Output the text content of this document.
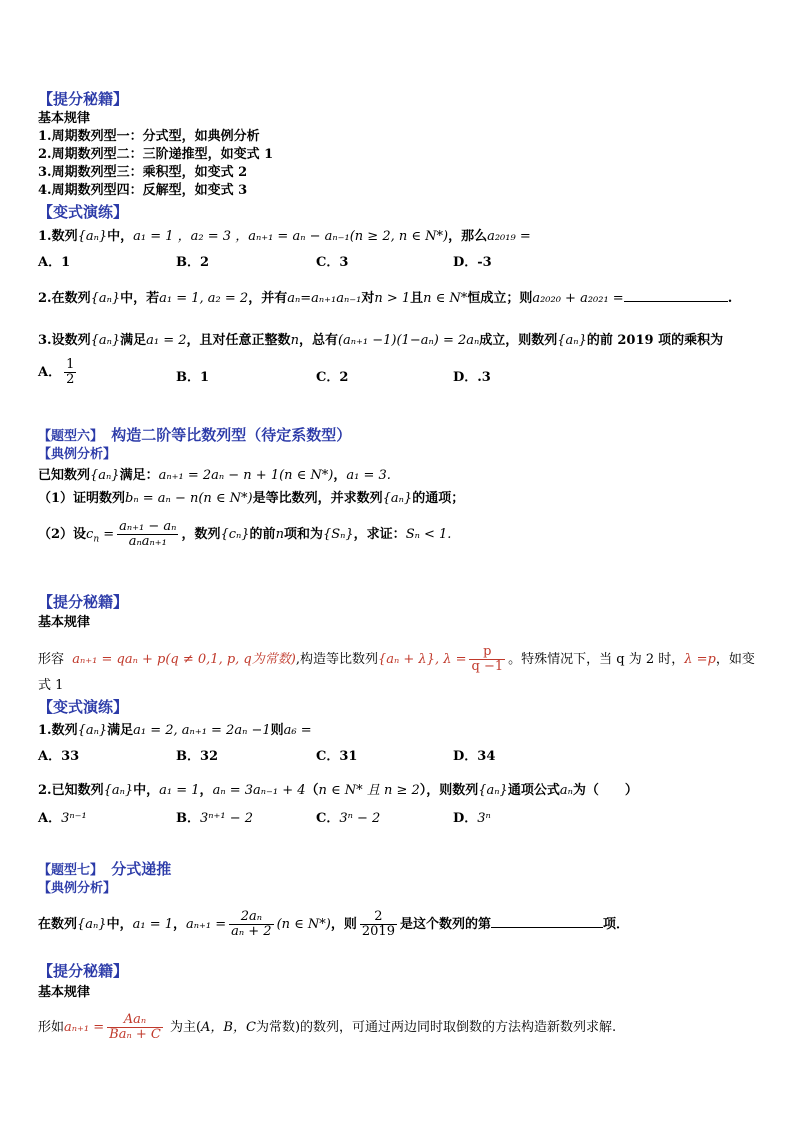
【提分秘籍】
基本规律
1.周期数列型一：分式型，如典例分析
2.周期数列型二：三阶递推型，如变式 1
3.周期数列型三：乘积型，如变式 2
4.周期数列型四：反解型，如变式 3
【变式演练】
1.数列{aₙ}中，a₁ = 1 ，a₂ = 3 ，aₙ₊₁ = aₙ − aₙ₋₁(n ≥ 2, n ∈ N*)，那么a₂₀₁₉ =
A．1	B．2	C．3	D．-3
2.在数列{aₙ}中，若a₁ = 1, a₂ = 2，并有aₙ=aₙ₊₁aₙ₋₁对n > 1且n ∈ N*恒成立；则a₂₀₂₀ + a₂₀₂₁ =	.
3.设数列{aₙ}满足a₁ = 2，且对任意正整数n，总有(aₙ₊₁ −1)(1−aₙ) = 2aₙ成立，则数列{aₙ}的前 2019 项的乘积为
A． $\frac{1}{2}$	B．1	C．2	D．.3
【题型六】 构造二阶等比数列型（待定系数型）
【典例分析】
已知数列{aₙ}满足：aₙ₊₁ = 2aₙ − n + 1(n ∈ N*)，a₁ = 3.
（1）证明数列bₙ = aₙ − n(n ∈ N*)是等比数列，并求数列{aₙ}的通项；
（2）设$c_n = \frac{\text{aₙ₊₁ − aₙ}}{\text{aₙaₙ₊₁}}$ ，数列{cₙ}的前n项和为{Sₙ}，求证：Sₙ < 1.
【提分秘籍】
基本规律
形容 aₙ₊₁ = qaₙ + p(q ≠ 0,1, p, q为常数),构造等比数列{aₙ + λ}, $\lambda = \frac{p}{q -1}$ 。特殊情况下，当 q 为 2 时，λ =p，如变
式 1
【变式演练】
1.数列{aₙ}满足a₁ = 2, aₙ₊₁ = 2aₙ −1则a₆ =
A．33	B．32	C．31	D．34
2.已知数列{aₙ}中，a₁ = 1，aₙ = 3aₙ₋₁ + 4（n ∈ N* 且 n ≥ 2），则数列{aₙ}通项公式aₙ为（　　）
A．3ⁿ⁻¹	B．3ⁿ⁺¹ − 2	C．3ⁿ − 2	D．3ⁿ
【题型七】 分式递推
【典例分析】
在数列{aₙ}中，a₁ = 1，$a_{n+1} = \frac{\text{2aₙ}}{\text{aₙ + 2}} (n$ ∈ N*)，则 $\frac{2}{2019}$ 是这个数列的第	项．
【提分秘籍】
基本规律
形如$a_{n+1} = \frac{\text{Aaₙ}}{\text{Baₙ + C}}$ 为主(A，B，C为常数)的数列，可通过两边同时取倒数的方法构造新数列求解.
